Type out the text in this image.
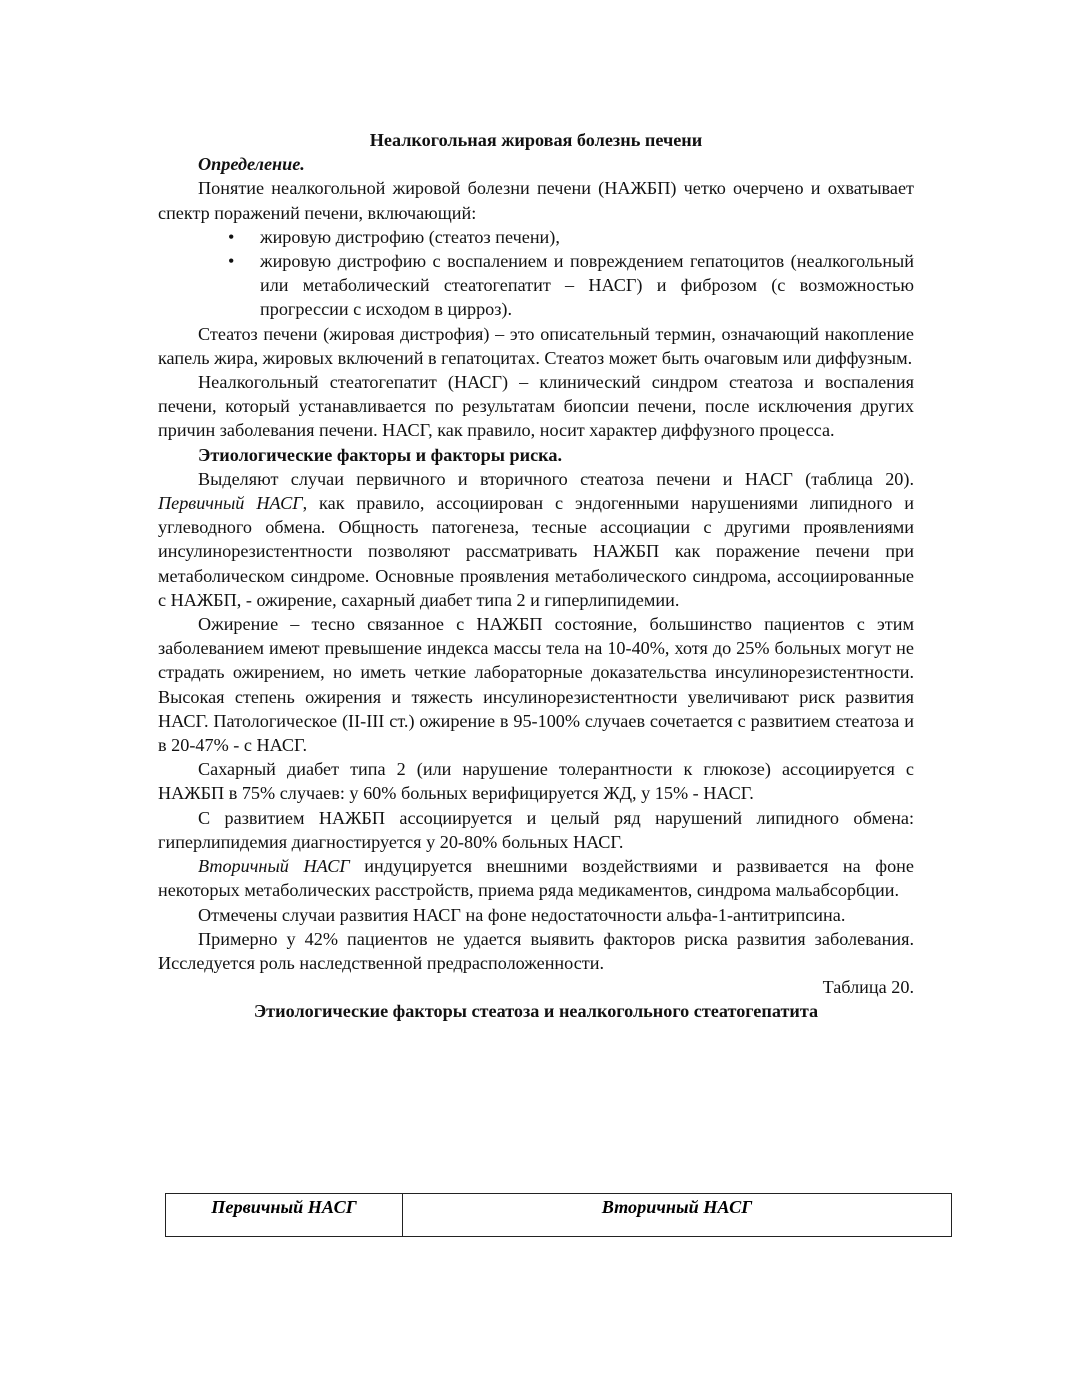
Неалкогольная жировая болезнь печени

Определение.

Понятие неалкогольной жировой болезни печени (НАЖБП) четко очерчено и охватывает спектр поражений печени, включающий:

• жировую дистрофию (стеатоз печени),
• жировую дистрофию с воспалением и повреждением гепатоцитов (неалкогольный или метаболический стеатогепатит – НАСГ) и фиброзом (с возможностью прогрессии с исходом в цирроз).

Стеатоз печени (жировая дистрофия) – это описательный термин, означающий накопление капель жира, жировых включений в гепатоцитах. Стеатоз может быть очаговым или диффузным.

Неалкогольный стеатогепатит (НАСГ) – клинический синдром стеатоза и воспаления печени, который устанавливается по результатам биопсии печени, после исключения других причин заболевания печени. НАСГ, как правило, носит характер диффузного процесса.

Этиологические факторы и факторы риска.

Выделяют случаи первичного и вторичного стеатоза печени и НАСГ (таблица 20). Первичный НАСГ, как правило, ассоциирован с эндогенными нарушениями липидного и углеводного обмена. Общность патогенеза, тесные ассоциации с другими проявлениями инсулинорезистентности позволяют рассматривать НАЖБП как поражение печени при метаболическом синдроме. Основные проявления метаболического синдрома, ассоциированные с НАЖБП, - ожирение, сахарный диабет типа 2 и гиперлипидемии.

Ожирение – тесно связанное с НАЖБП состояние, большинство пациентов с этим заболеванием имеют превышение индекса массы тела на 10-40%, хотя до 25% больных могут не страдать ожирением, но иметь четкие лабораторные доказательства инсулинорезистентности. Высокая степень ожирения и тяжесть инсулинорезистентности увеличивают риск развития НАСГ. Патологическое (II-III ст.) ожирение в 95-100% случаев сочетается с развитием стеатоза и в 20-47% - с НАСГ.

Сахарный диабет типа 2 (или нарушение толерантности к глюкозе) ассоциируется с НАЖБП в 75% случаев: у 60% больных верифицируется ЖД, у 15% - НАСГ.

С развитием НАЖБП ассоциируется и целый ряд нарушений липидного обмена: гиперлипидемия диагностируется у 20-80% больных НАСГ.

Вторичный НАСГ индуцируется внешними воздействиями и развивается на фоне некоторых метаболических расстройств, приема ряда медикаментов, синдрома мальабсорбции.

Отмечены случаи развития НАСГ на фоне недостаточности альфа-1-антитрипсина.

Примерно у 42% пациентов не удается выявить факторов риска развития заболевания. Исследуется роль наследственной предрасположенности.

Таблица 20.

Этиологические факторы стеатоза и неалкогольного стеатогепатита

Первичный НАСГ	Вторичный НАСГ
